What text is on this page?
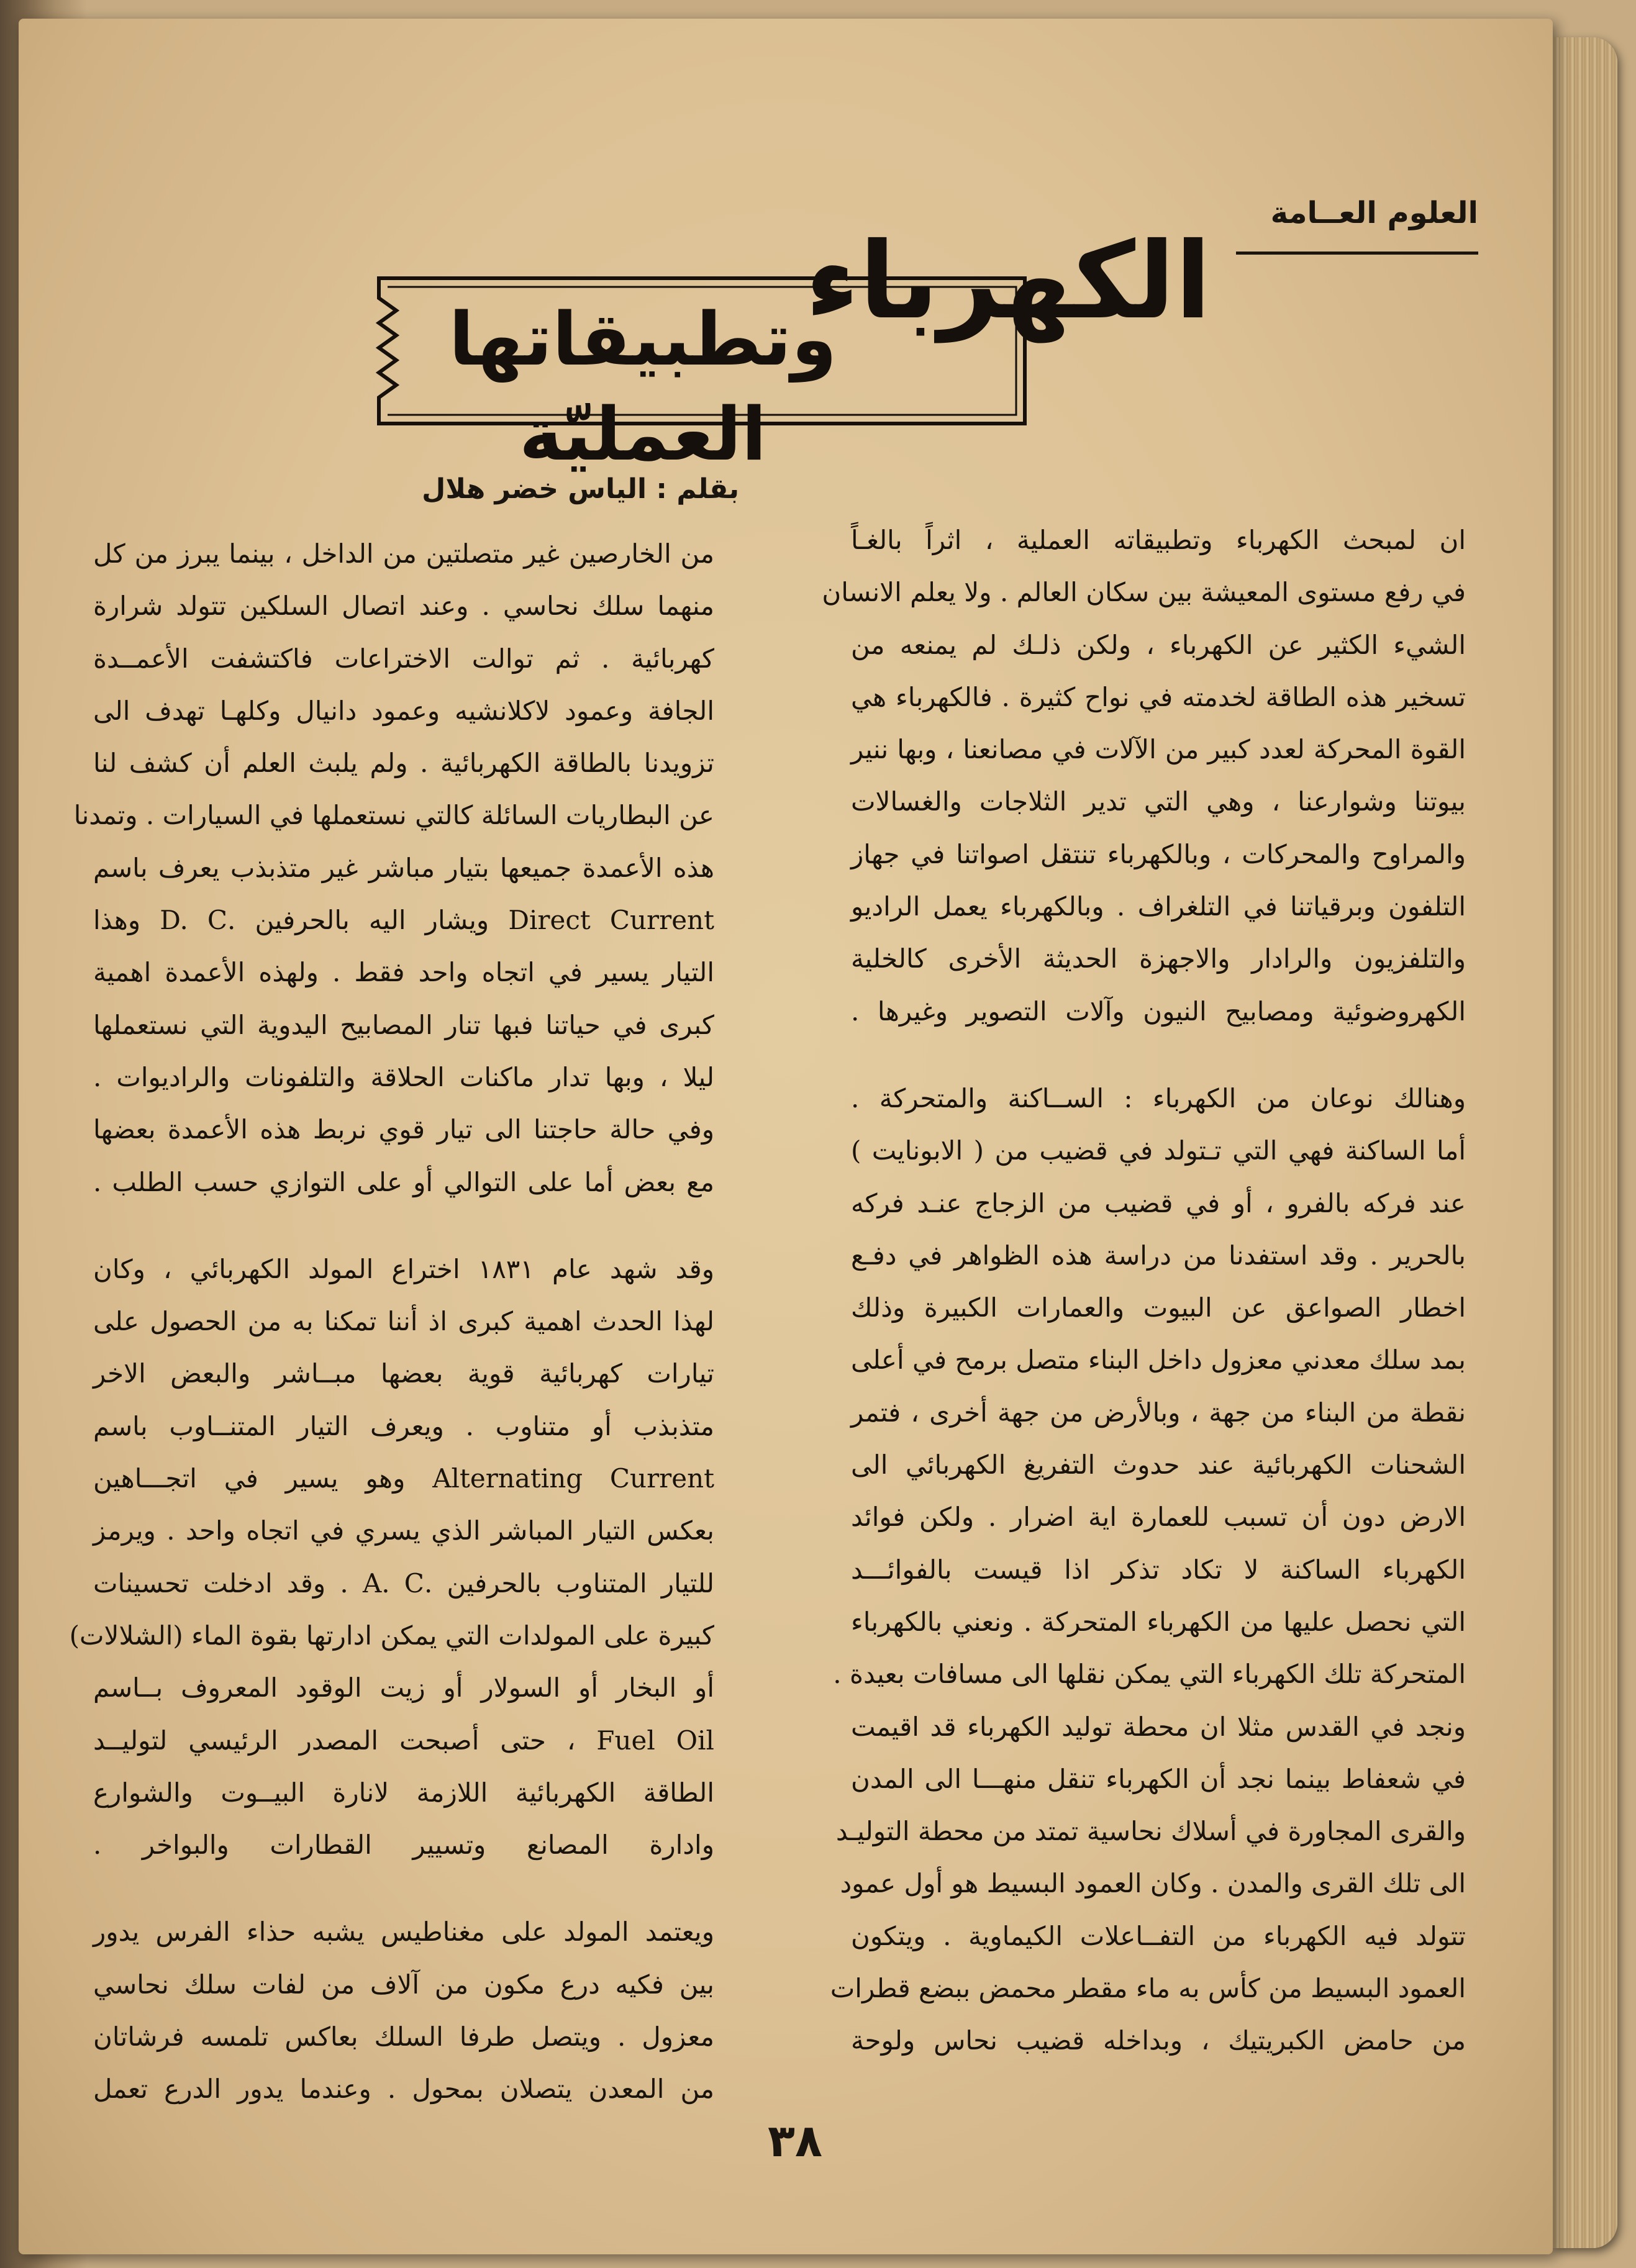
العلوم العــامة
الكهرباء
وتطبيقاتها العمليّة
بقلم : الياس خضر هلال
ان لمبحث الكهرباء وتطبيقاته العملية ، اثراً بالغـاً
في رفع مستوى المعيشة بين سكان العالم . ولا يعلم الانسان
الشيء الكثير عن الكهرباء ، ولكن ذلـك لم يمنعه من
تسخير هذه الطاقة لخدمته في نواح كثيرة . فالكهرباء هي
القوة المحركة لعدد كبير من الآلات في مصانعنا ، وبها ننير
بيوتنا وشوارعنا ، وهي التي تدير الثلاجات والغسالات
والمراوح والمحركات ، وبالكهرباء تنتقل اصواتنا في جهاز
التلفون وبرقياتنا في التلغراف . وبالكهرباء يعمل الراديو
والتلفزيون والرادار والاجهزة الحديثة الأخرى كالخلية
الكهروضوئية ومصابيح النيون وآلات التصوير وغيرها .
وهنالك نوعان من الكهرباء : الســاكنة والمتحركة .
أما الساكنة فهي التي تـتولد في قضيب من ( الابونايت )
عند فركه بالفرو ، أو في قضيب من الزجاج عنـد فركه
بالحرير . وقد استفدنا من دراسة هذه الظواهر في دفـع
اخطار الصواعق عن البيوت والعمارات الكبيرة وذلك
بمد سلك معدني معزول داخل البناء متصل برمح في أعلى
نقطة من البناء من جهة ، وبالأرض من جهة أخرى ، فتمر
الشحنات الكهربائية عند حدوث التفريغ الكهربائي الى
الارض دون أن تسبب للعمارة اية اضرار . ولكن فوائد
الكهرباء الساكنة لا تكاد تذكر اذا قيست بالفوائـــد
التي نحصل عليها من الكهرباء المتحركة . ونعني بالكهرباء
المتحركة تلك الكهرباء التي يمكن نقلها الى مسافات بعيدة .
ونجد في القدس مثلا ان محطة توليد الكهرباء قد اقيمت
في شعفاط بينما نجد أن الكهرباء تنقل منهـــا الى المدن
والقرى المجاورة في أسلاك نحاسية تمتد من محطة التوليـد
الى تلك القرى والمدن . وكان العمود البسيط هو أول عمود
تتولد فيه الكهرباء من التفــاعلات الكيماوية . ويتكون
العمود البسيط من كأس به ماء مقطر محمض ببضع قطرات
من حامض الكبريتيك ، وبداخله قضيب نحاس ولوحة
من الخارصين غير متصلتين من الداخل ، بينما يبرز من كل
منهما سلك نحاسي . وعند اتصال السلكين تتولد شرارة
كهربائية . ثم توالت الاختراعات فاكتشفت الأعمــدة
الجافة وعمود لاكلانشيه وعمود دانيال وكلهـا تهدف الى
تزويدنا بالطاقة الكهربائية . ولم يلبث العلم أن كشف لنا
عن البطاريات السائلة كالتي نستعملها في السيارات . وتمدنا
هذه الأعمدة جميعها بتيار مباشر غير متذبذب يعرف باسم
Direct Current ويشار اليه بالحرفين .D. C وهذا
التيار يسير في اتجاه واحد فقط . ولهذه الأعمدة اهمية
كبرى في حياتنا فبها تنار المصابيح اليدوية التي نستعملها
ليلا ، وبها تدار ماكنات الحلاقة والتلفونات والراديوات .
وفي حالة حاجتنا الى تيار قوي نربط هذه الأعمدة بعضها
مع بعض أما على التوالي أو على التوازي حسب الطلب .
وقد شهد عام ١٨٣١ اختراع المولد الكهربائي ، وكان
لهذا الحدث اهمية كبرى اذ أننا تمكنا به من الحصول على
تيارات كهربائية قوية بعضها مبــاشر والبعض الاخر
متذبذب أو متناوب . ويعرف التيار المتنــاوب باسم
Alternating Current وهو يسير في اتجـــاهين
بعكس التيار المباشر الذي يسري في اتجاه واحد . ويرمز
للتيار المتناوب بالحرفين .A. C . وقد ادخلت تحسينات
كبيرة على المولدات التي يمكن ادارتها بقوة الماء (الشلالات)
أو البخار أو السولار أو زيت الوقود المعروف بــاسم
Fuel Oil ، حتى أصبحت المصدر الرئيسي لتوليــد
الطاقة الكهربائية اللازمة لانارة البيــوت والشوارع
وادارة المصانع وتسيير القطارات والبواخر .
ويعتمد المولد على مغناطيس يشبه حذاء الفرس يدور
بين فكيه درع مكون من آلاف من لفات سلك نحاسي
معزول . ويتصل طرفا السلك بعاكس تلمسه فرشاتان
من المعدن يتصلان بمحول . وعندما يدور الدرع تعمل
٣٨
